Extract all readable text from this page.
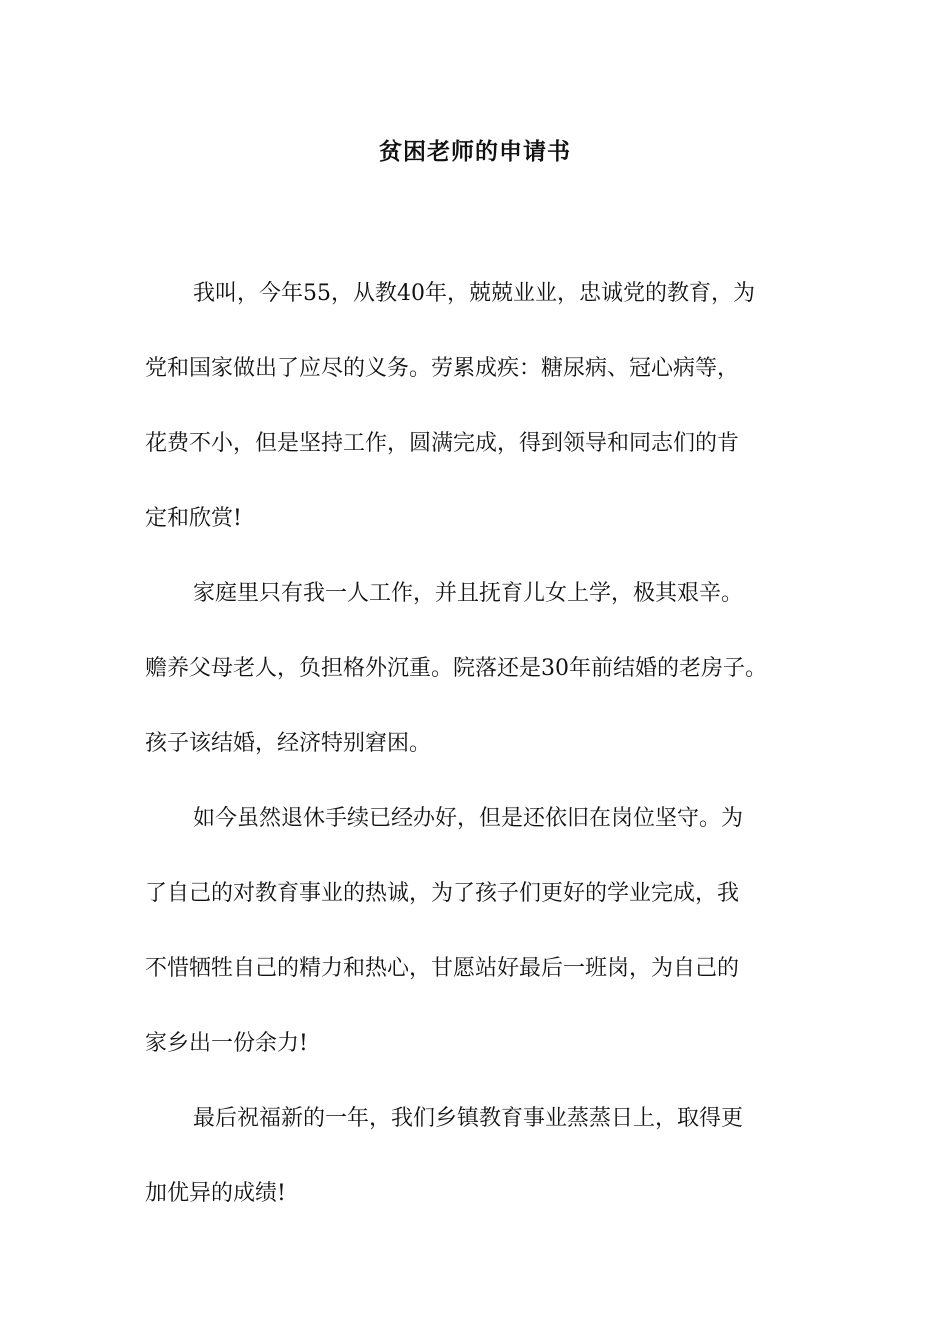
贫困老师的申请书
我叫，今年55，从教40年，兢兢业业，忠诚党的教育，为
党和国家做出了应尽的义务。劳累成疾：糖尿病、冠心病等，
花费不小，但是坚持工作，圆满完成，得到领导和同志们的肯
定和欣赏!
家庭里只有我一人工作，并且抚育儿女上学，极其艰辛。
赡养父母老人，负担格外沉重。院落还是30年前结婚的老房子。
孩子该结婚，经济特别窘困。
如今虽然退休手续已经办好，但是还依旧在岗位坚守。为
了自己的对教育事业的热诚，为了孩子们更好的学业完成，我
不惜牺牲自己的精力和热心，甘愿站好最后一班岗，为自己的
家乡出一份余力!
最后祝福新的一年，我们乡镇教育事业蒸蒸日上，取得更
加优异的成绩!
